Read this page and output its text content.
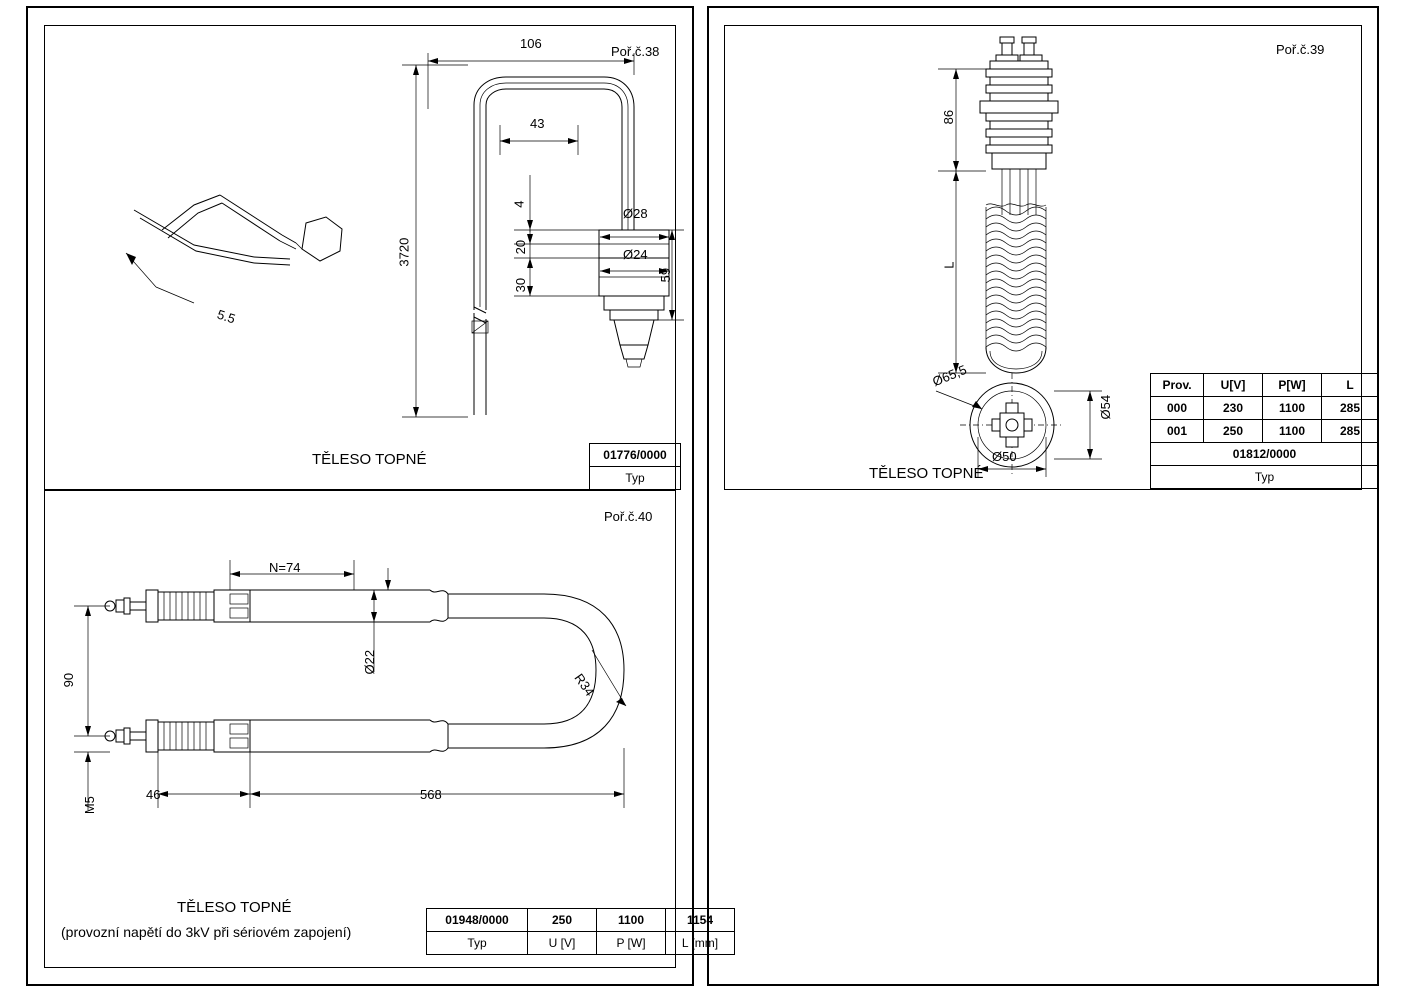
Poř.č.38
106
43
4
20
30
59
3720
5.5
Ø28
Ø24
TĚLESO TOPNÉ	01776/0000
Typ
Poř.č.40
N=74
Ø22
90
M5
46	568
R34
TĚLESO TOPNÉ
(provozní napětí do 3kV při sériovém zapojení)
01948/0000	250	1100	1154
Typ	U [V]	P [W]	L [mm]
Poř.č.39
86
L
Ø65,5
Ø54
Ø50
TĚLESO TOPNÉ
Prov.	U[V]	P[W]	L
000	230	1100	285
001	250	1100	285
01812/0000			
Typ			
